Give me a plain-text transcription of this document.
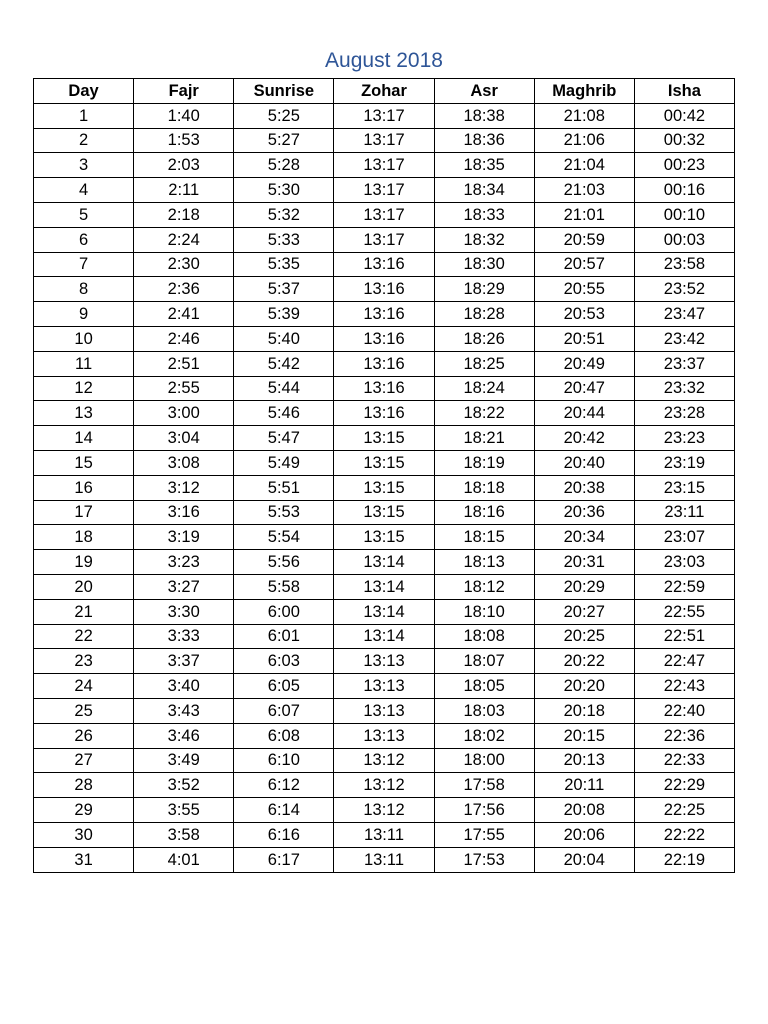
August 2018
Day	Fajr	Sunrise	Zohar	Asr	Maghrib	Isha
1	1:40	5:25	13:17	18:38	21:08	00:42
2	1:53	5:27	13:17	18:36	21:06	00:32
3	2:03	5:28	13:17	18:35	21:04	00:23
4	2:11	5:30	13:17	18:34	21:03	00:16
5	2:18	5:32	13:17	18:33	21:01	00:10
6	2:24	5:33	13:17	18:32	20:59	00:03
7	2:30	5:35	13:16	18:30	20:57	23:58
8	2:36	5:37	13:16	18:29	20:55	23:52
9	2:41	5:39	13:16	18:28	20:53	23:47
10	2:46	5:40	13:16	18:26	20:51	23:42
11	2:51	5:42	13:16	18:25	20:49	23:37
12	2:55	5:44	13:16	18:24	20:47	23:32
13	3:00	5:46	13:16	18:22	20:44	23:28
14	3:04	5:47	13:15	18:21	20:42	23:23
15	3:08	5:49	13:15	18:19	20:40	23:19
16	3:12	5:51	13:15	18:18	20:38	23:15
17	3:16	5:53	13:15	18:16	20:36	23:11
18	3:19	5:54	13:15	18:15	20:34	23:07
19	3:23	5:56	13:14	18:13	20:31	23:03
20	3:27	5:58	13:14	18:12	20:29	22:59
21	3:30	6:00	13:14	18:10	20:27	22:55
22	3:33	6:01	13:14	18:08	20:25	22:51
23	3:37	6:03	13:13	18:07	20:22	22:47
24	3:40	6:05	13:13	18:05	20:20	22:43
25	3:43	6:07	13:13	18:03	20:18	22:40
26	3:46	6:08	13:13	18:02	20:15	22:36
27	3:49	6:10	13:12	18:00	20:13	22:33
28	3:52	6:12	13:12	17:58	20:11	22:29
29	3:55	6:14	13:12	17:56	20:08	22:25
30	3:58	6:16	13:11	17:55	20:06	22:22
31	4:01	6:17	13:11	17:53	20:04	22:19
